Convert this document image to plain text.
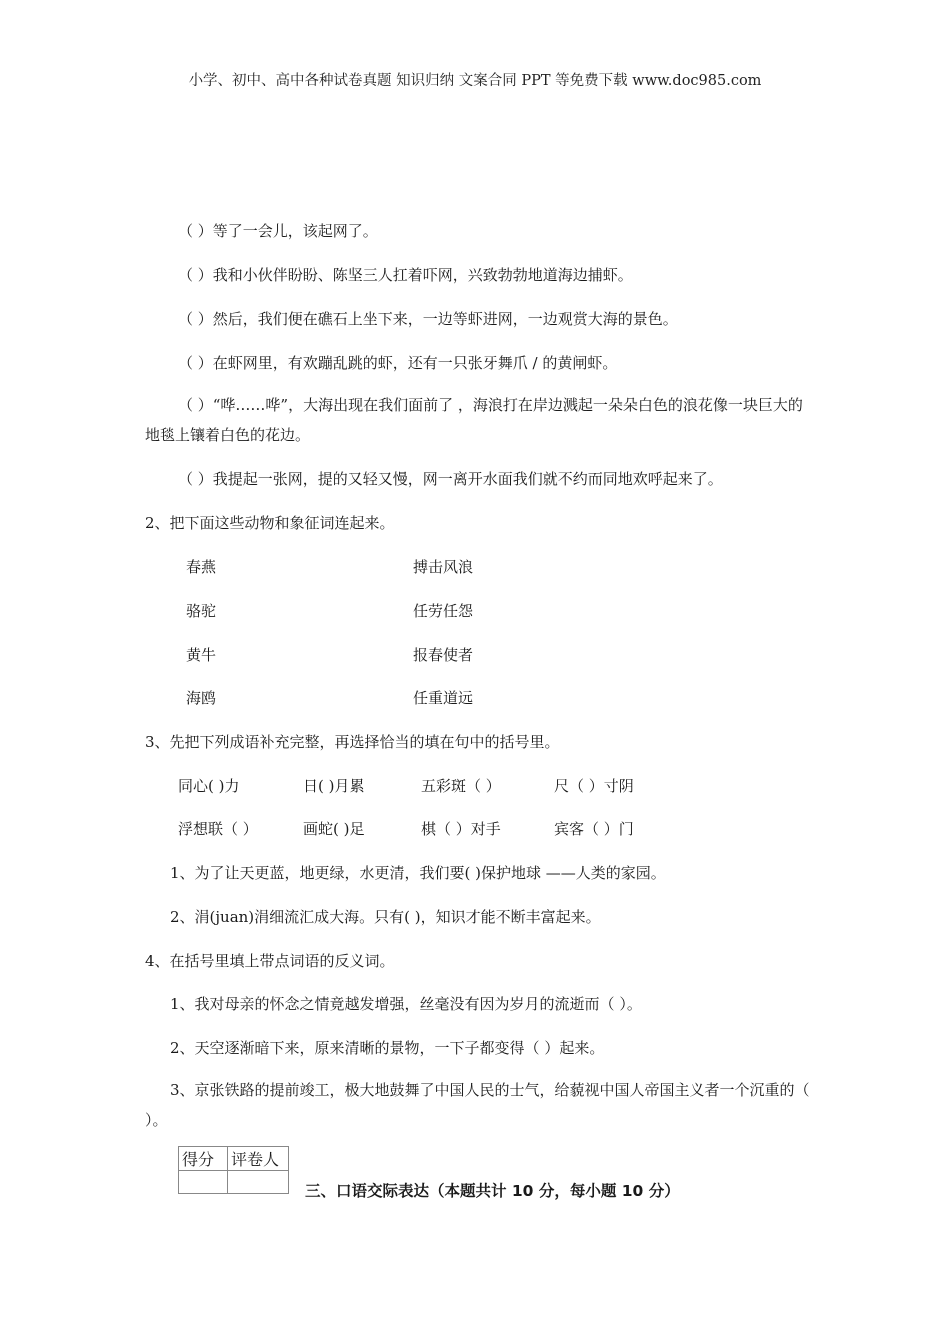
小学、初中、高中各种试卷真题 知识归纳 文案合同 PPT 等免费下载 www.doc985.com
（ ）等了一会儿，该起网了。
（ ）我和小伙伴盼盼、陈坚三人扛着吓网，兴致勃勃地道海边捕虾。
（ ）然后，我们便在礁石上坐下来，一边等虾进网，一边观赏大海的景色。
（ ）在虾网里，有欢蹦乱跳的虾，还有一只张牙舞爪 / 的黄闸虾。
（ ）“哗……哗”，大海出现在我们面前了 ，海浪打在岸边溅起一朵朵白色的浪花像一块巨大的地毯上镶着白色的花边。
（ ）我提起一张网，提的又轻又慢，网一离开水面我们就不约而同地欢呼起来了。
2、把下面这些动物和象征词连起来。
春燕	搏击风浪
骆驼	任劳任怨
黄牛	报春使者
海鸥	任重道远
3、先把下列成语补充完整，再选择恰当的填在句中的括号里。
同心( )力	日( )月累	五彩斑（ ）	尺（ ）寸阴
浮想联（ ）	画蛇( )足	棋（ ）对手	宾客（ ）门
1、为了让天更蓝，地更绿，水更清，我们要( )保护地球 ——人类的家园。
2、涓(juan)涓细流汇成大海。只有( )，知识才能不断丰富起来。
4、在括号里填上带点词语的反义词。
1、我对母亲的怀念之情竟越发增强，丝毫没有因为岁月的流逝而（ ）。
2、天空逐渐暗下来，原来清晰的景物，一下子都变得（ ）起来。
3、京张铁路的提前竣工，极大地鼓舞了中国人民的士气，给藐视中国人帝国主义者一个沉重的（ ）。
得分	评卷人

三、口语交际表达（本题共计 10 分，每小题 10 分）
